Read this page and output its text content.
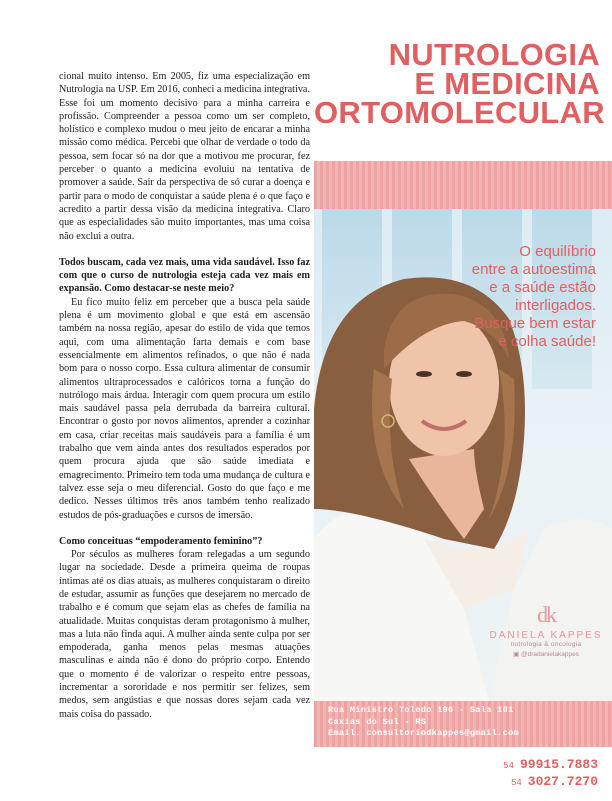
cional muito intenso. Em 2005, fiz uma especialização em Nutrologia na USP. Em 2016, conheci a medicina integrativa. Esse foi um momento decisivo para a minha carreira e profissão. Compreender a pessoa como um ser completo, holístico e complexo mudou o meu jeito de encarar a minha missão como médica. Percebi que olhar de verdade o todo da pessoa, sem focar só na dor que a motivou me procurar, fez perceber o quanto a medicina evoluiu na tentativa de promover a saúde. Sair da perspectiva de só curar a doença e partir para o modo de conquistar a saúde plena é o que faço e acredito a partir dessa visão da medicina integrativa. Claro que as especialidades são muito importantes, mas uma coisa não exclui a outra.

Todos buscam, cada vez mais, uma vida saudável. Isso faz com que o curso de nutrologia esteja cada vez mais em expansão. Como destacar-se neste meio?

Eu fico muito feliz em perceber que a busca pela saúde plena é um movimento global e que está em ascensão também na nossa região, apesar do estilo de vida que temos aqui, com uma alimentação farta demais e com base essencialmente em alimentos refinados, o que não é nada bom para o nosso corpo. Essa cultura alimentar de consumir alimentos ultraprocessados e calóricos torna a função do nutrólogo mais árdua. Interagir com quem procura um estilo mais saudável passa pela derrubada da barreira cultural. Encontrar o gosto por novos alimentos, aprender a cozinhar em casa, criar receitas mais saudáveis para a família é um trabalho que vem ainda antes dos resultados esperados por quem procura ajuda que são saúde imediata e emagrecimento. Primeiro tem toda uma mudança de cultura e talvez esse seja o meu diferencial. Gosto do que faço e me dedico. Nesses últimos três anos também tenho realizado estudos de pós-graduações e cursos de imersão.

Como conceituas “empoderamento feminino”?

Por séculos as mulheres foram relegadas a um segundo lugar na sociedade. Desde a primeira queima de roupas íntimas até os dias atuais, as mulheres conquistaram o direito de estudar, assumir as funções que desejarem no mercado de trabalho e é comum que sejam elas as chefes de família na atualidade. Muitas conquistas deram protagonismo à mulher, mas a luta não finda aqui. A mulher ainda sente culpa por ser empoderada, ganha menos pelas mesmas atuações masculinas e ainda não é dono do próprio corpo. Entendo que o momento é de valorizar o respeito entre pessoas, incrementar a sororidade e nos permitir ser felizes, sem medos, sem angústias e que nossas dores sejam cada vez mais coisa do passado.

NUTROLOGIA
E MEDICINA
ORTOMOLECULAR
O equilíbrio
entre a autoestima
e a saúde estão
interligados.
Busque bem estar
e colha saúde!
dk
DANIELA KAPPES
nutrologia & oncologia
▣ @dradanielakappes
Rua Ministro Toledo 196 - Sala 101
Caxias do Sul - RS
Email. consultoriodkappes@gmail.com
54 99915.7883
54 3027.7270
